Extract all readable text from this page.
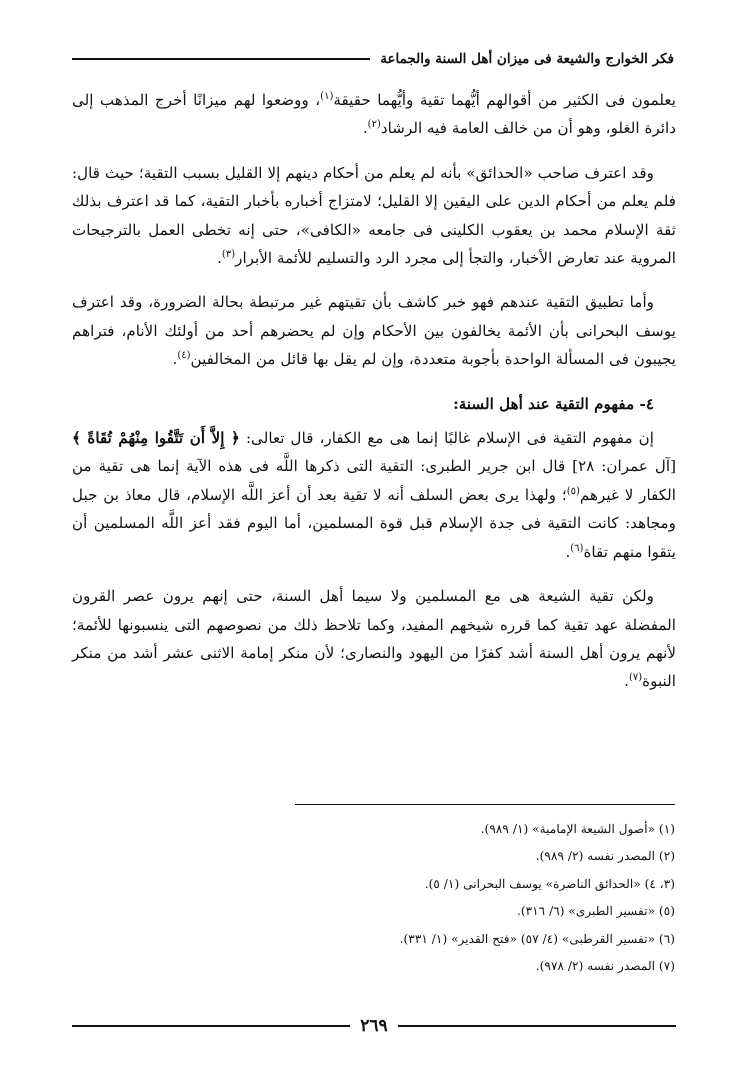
فكر الخوارج والشيعة فى ميزان أهل السنة والجماعة

يعلمون فى الكثير من أقوالهم أيُّهما تقية وأيُّهما حقيقة$^{(١)}$، ووضعوا لهم ميزانًا أخرج المذهب إلى دائرة الغلو، وهو أن من خالف العامة فيه الرشاد$^{(٢)}$.

وقد اعترف صاحب «الحدائق» بأنه لم يعلم من أحكام دينهم إلا القليل بسبب التقية؛ حيث قال: فلم يعلم من أحكام الدين على اليقين إلا القليل؛ لامتزاج أخباره بأخبار التقية، كما قد اعترف بذلك ثقة الإسلام محمد بن يعقوب الكلينى فى جامعه «الكافى»، حتى إنه تخطى العمل بالترجيحات المروية عند تعارض الأخبار، والتجأ إلى مجرد الرد والتسليم للأئمة الأبرار$^{(٣)}$.

وأما تطبيق التقية عندهم فهو خبر كاشف بأن تقيتهم غير مرتبطة بحالة الضرورة، وقد اعترف يوسف البحرانى بأن الأئمة يخالفون بين الأحكام وإن لم يحضرهم أحد من أولئك الأنام، فتراهم يجيبون فى المسألة الواحدة بأجوبة متعددة، وإن لم يقل بها قائل من المخالفين$^{(٤)}$.

٤- مفهوم التقية عند أهل السنة:

إن مفهوم التقية فى الإسلام غالبًا إنما هى مع الكفار، قال تعالى: ﴿ إِلاَّ أَن تَتَّقُوا مِنْهُمْ تُقَاةً ﴾ [آل عمران: ٢٨] قال ابن جرير الطبرى: التقية التى ذكرها اللَّه فى هذه الآية إنما هى تقية من الكفار لا غيرهم$^{(٥)}$؛ ولهذا يرى بعض السلف أنه لا تقية بعد أن أعز اللَّه الإسلام، قال معاذ بن جبل ومجاهد: كانت التقية فى جدة الإسلام قبل قوة المسلمين، أما اليوم فقد أعز اللَّه المسلمين أن يتقوا منهم تقاة$^{(٦)}$.

ولكن تقية الشيعة هى مع المسلمين ولا سيما أهل السنة، حتى إنهم يرون عصر القرون المفضلة عهد تقية كما قرره شيخهم المفيد، وكما تلاحظ ذلك من نصوصهم التى ينسبونها للأئمة؛ لأنهم يرون أهل السنة أشد كفرًا من اليهود والنصارى؛ لأن منكر إمامة الاثنى عشر أشد من منكر النبوة$^{(٧)}$.

(١) «أصول الشيعة الإمامية» (١/ ٩٨٩).
(٢) المصدر نفسه (٢/ ٩٨٩).
(٣، ٤) «الحدائق الناضرة» يوسف البحرانى (١/ ٥).
(٥) «تفسير الطبرى» (٦/ ٣١٦).
(٦) «تفسير القرطبى» (٤/ ٥٧) «فتح القدير» (١/ ٣٣١).
(٧) المصدر نفسه (٢/ ٩٧٨).
٢٦٩
